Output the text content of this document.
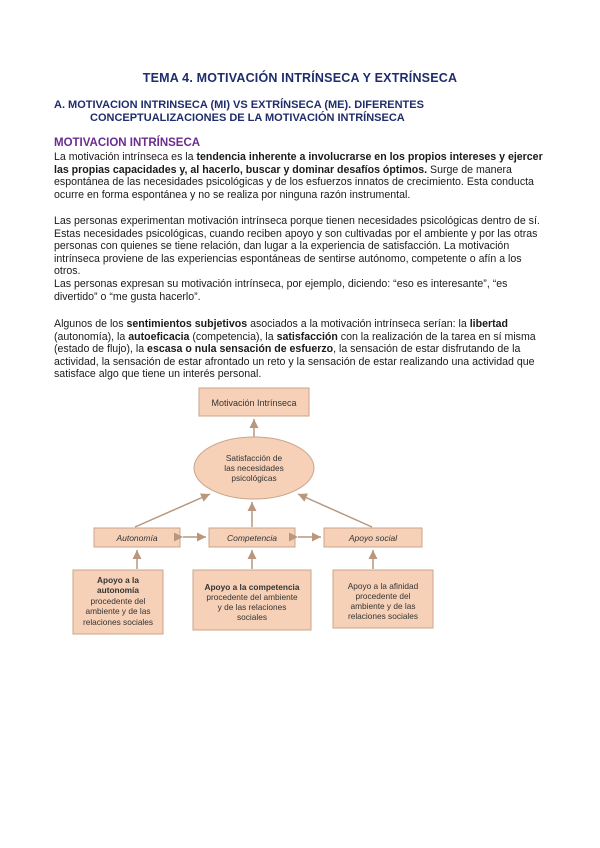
TEMA 4. MOTIVACIÓN INTRÍNSECA Y EXTRÍNSECA
A. MOTIVACION INTRINSECA (MI) VS EXTRÍNSECA (ME). DIFERENTES
CONCEPTUALIZACIONES DE LA MOTIVACIÓN INTRÍNSECA
MOTIVACION INTRÍNSECA

La motivación intrínseca es la tendencia inherente a involucrarse en los propios intereses y ejercer las propias capacidades y, al hacerlo, buscar y dominar desafíos óptimos. Surge de manera espontánea de las necesidades psicológicas y de los esfuerzos innatos de crecimiento. Esta conducta ocurre en forma espontánea y no se realiza por ninguna razón instrumental.

Las personas experimentan motivación intrínseca porque tienen necesidades psicológicas dentro de sí. Estas necesidades psicológicas, cuando reciben apoyo y son cultivadas por el ambiente y por las otras personas con quienes se tiene relación, dan lugar a la experiencia de satisfacción. La motivación intrínseca proviene de las experiencias espontáneas de sentirse autónomo, competente o afín a los otros.

Las personas expresan su motivación intrínseca, por ejemplo, diciendo: “eso es interesante”, “es divertido” o “me gusta hacerlo”.

Algunos de los sentimientos subjetivos asociados a la motivación intrínseca serían: la libertad (autonomía), la autoeficacia (competencia), la satisfacción con la realización de la tarea en sí misma (estado de flujo), la escasa o nula sensación de esfuerzo, la sensación de estar disfrutando de la actividad, la sensación de estar afrontado un reto y la sensación de estar realizando una actividad que satisface algo que tiene un interés personal.

Motivación Intrínseca
Satisfacción de
las necesidades
psicológicas
Autonomía	Competencia	Apoyo social
Apoyo a la
autonomía
procedente del
ambiente y de las
relaciones sociales
Apoyo a la competencia
procedente del ambiente
y de las relaciones
sociales
Apoyo a la afinidad
procedente del
ambiente y de las
relaciones sociales
